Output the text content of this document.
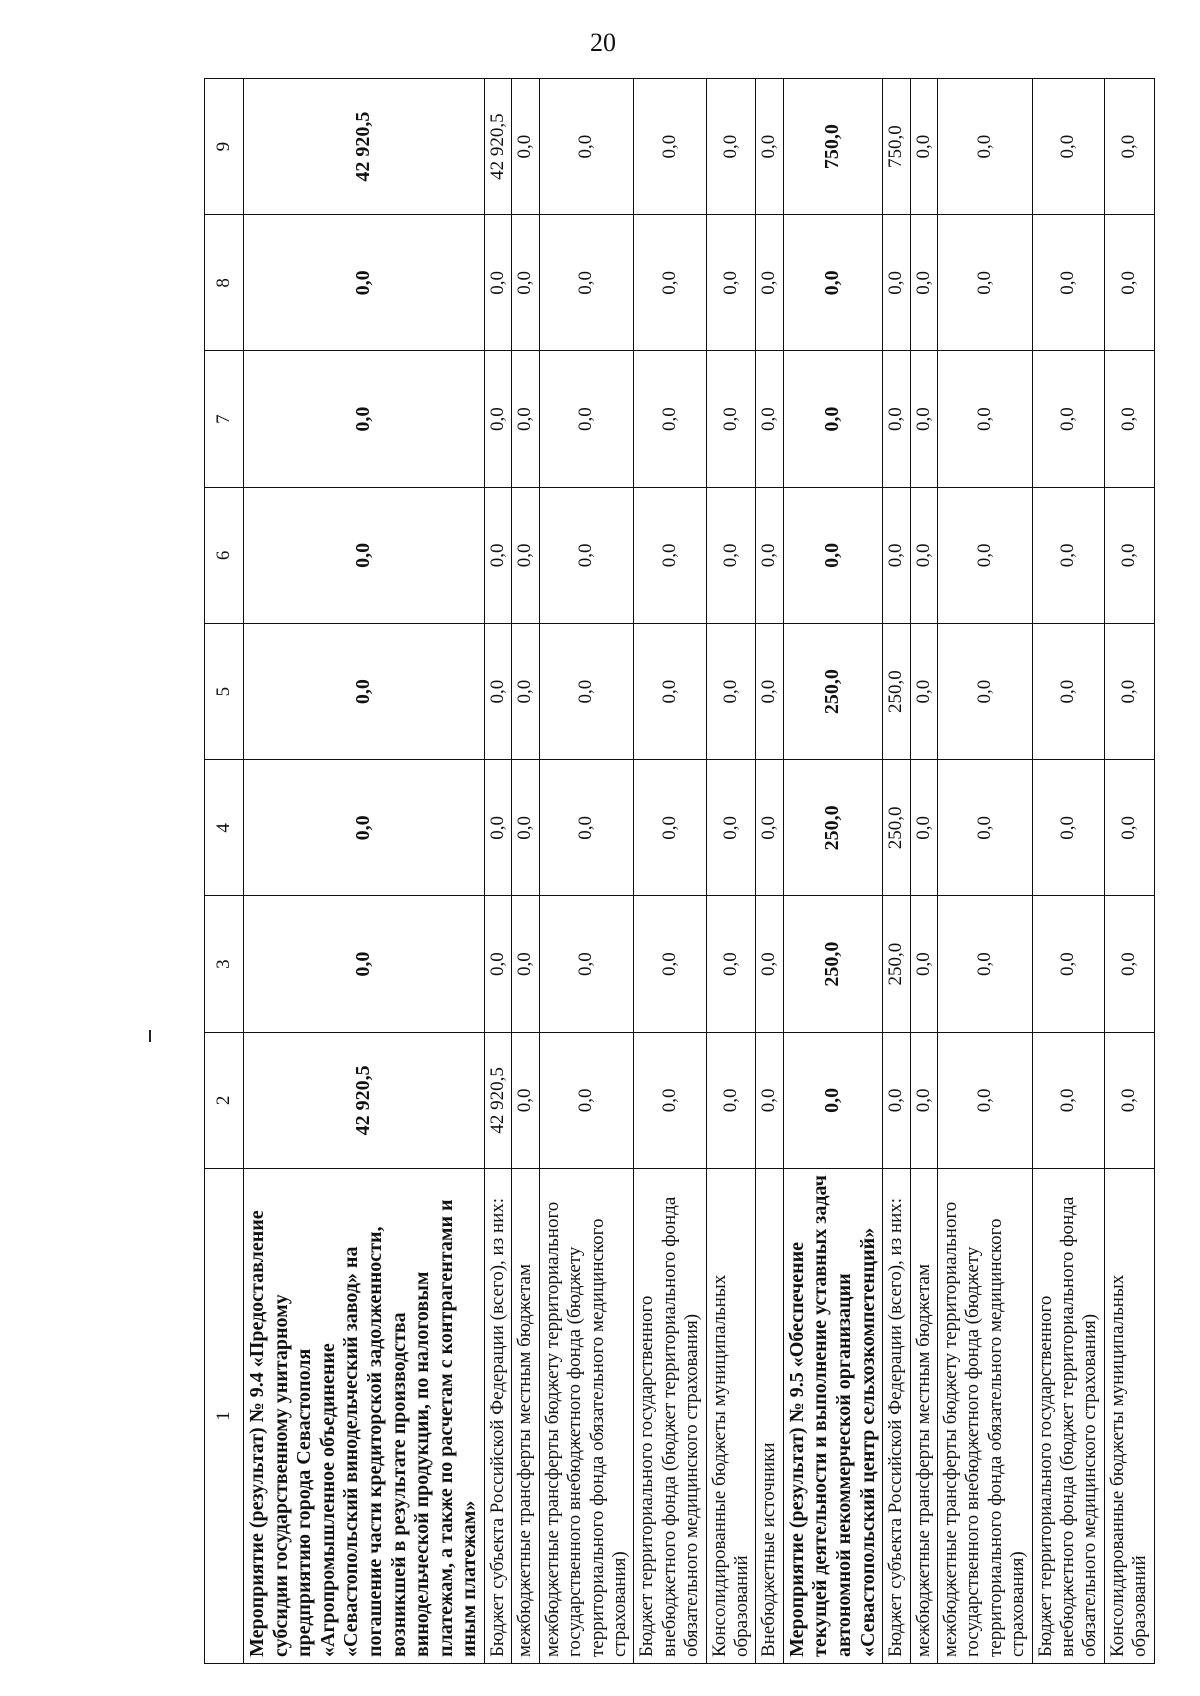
20
1	2	3	4	5	6	7	8	9
Мероприятие (результат) № 9.4 «Предоставление субсидии государственному унитарному предприятию города Севастополя «Агропромышленное объединение «Севастопольский винодельческий завод» на погашение части кредиторской задолженности, возникшей в результате производства винодельческой продукции, по налоговым платежам, а также по расчетам с контрагентами и иным платежам»	42 920,5	0,0	0,0	0,0	0,0	0,0	0,0	42 920,5
Бюджет субъекта Российской Федерации (всего), из них:	42 920,5	0,0	0,0	0,0	0,0	0,0	0,0	42 920,5
межбюджетные трансферты местным бюджетам	0,0	0,0	0,0	0,0	0,0	0,0	0,0	0,0
межбюджетные трансферты бюджету территориального государственного внебюджетного фонда (бюджету территориального фонда обязательного медицинского страхования)	0,0	0,0	0,0	0,0	0,0	0,0	0,0	0,0
Бюджет территориального государственного внебюджетного фонда (бюджет территориального фонда обязательного медицинского страхования)	0,0	0,0	0,0	0,0	0,0	0,0	0,0	0,0
Консолидированные бюджеты муниципальных образований	0,0	0,0	0,0	0,0	0,0	0,0	0,0	0,0
Внебюджетные источники	0,0	0,0	0,0	0,0	0,0	0,0	0,0	0,0
Мероприятие (результат) № 9.5 «Обеспечение текущей деятельности и выполнение уставных задач автономной некоммерческой организации «Севастопольский центр сельхозкомпетенций»	0,0	250,0	250,0	250,0	0,0	0,0	0,0	750,0
Бюджет субъекта Российской Федерации (всего), из них:	0,0	250,0	250,0	250,0	0,0	0,0	0,0	750,0
межбюджетные трансферты местным бюджетам	0,0	0,0	0,0	0,0	0,0	0,0	0,0	0,0
межбюджетные трансферты бюджету территориального государственного внебюджетного фонда (бюджету территориального фонда обязательного медицинского страхования)	0,0	0,0	0,0	0,0	0,0	0,0	0,0	0,0
Бюджет территориального государственного внебюджетного фонда (бюджет территориального фонда обязательного медицинского страхования)	0,0	0,0	0,0	0,0	0,0	0,0	0,0	0,0
Консолидированные бюджеты муниципальных образований	0,0	0,0	0,0	0,0	0,0	0,0	0,0	0,0
